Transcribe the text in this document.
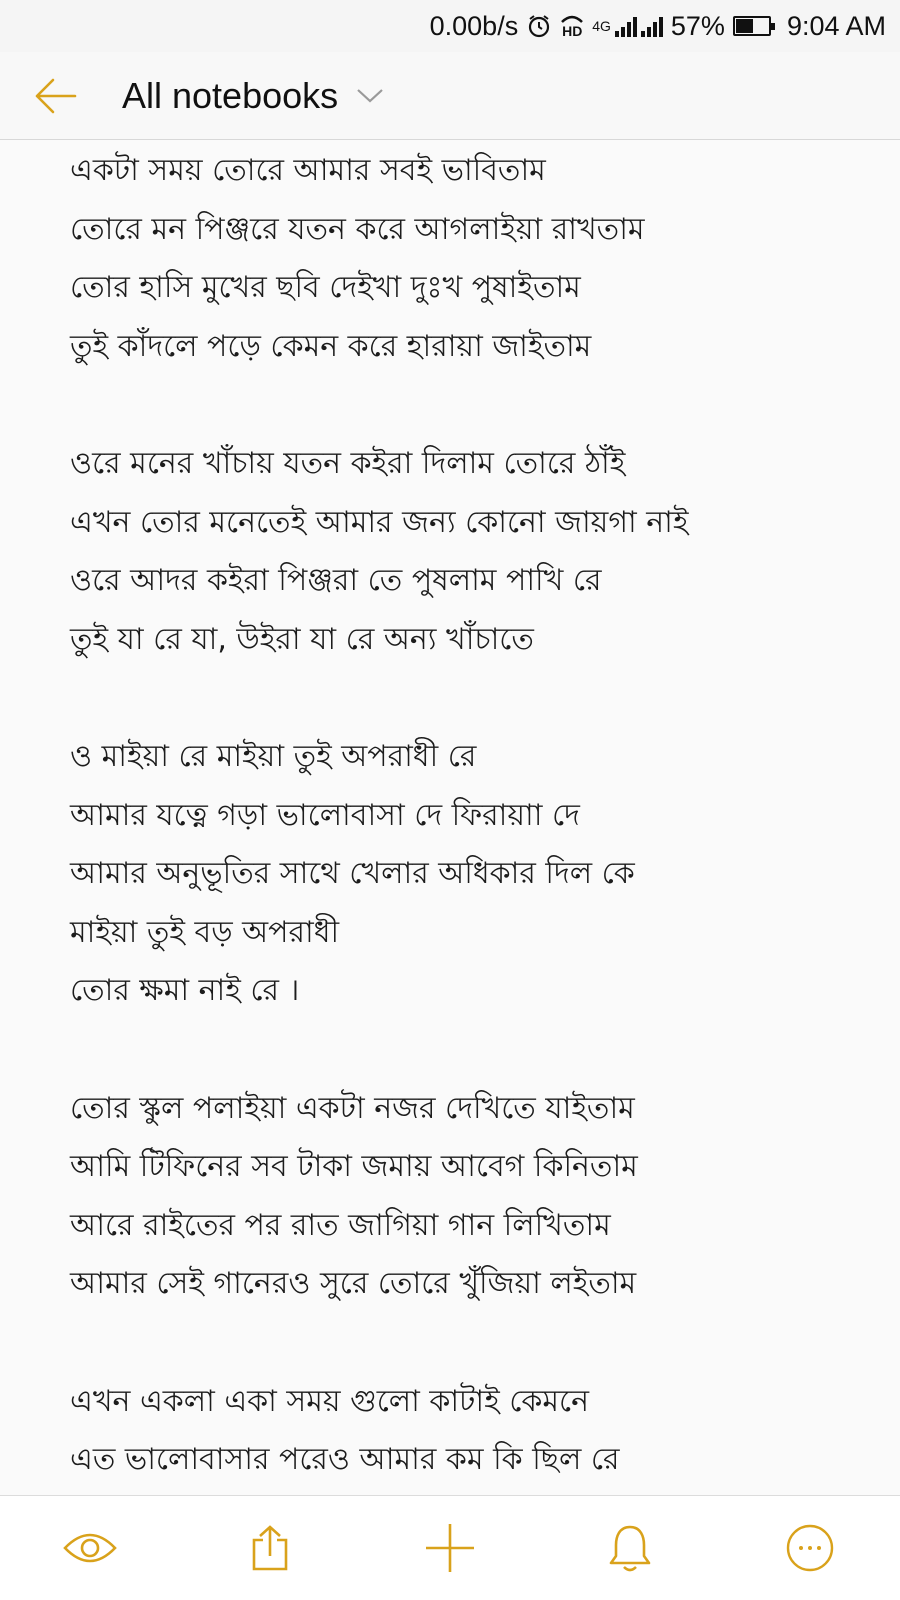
0.00b/s	HD 4G 57% 9:04 AM
All notebooks
একটা সময় তোরে আমার সবই ভাবিতাম
তোরে মন পিঞ্জরে যতন করে আগলাইয়া রাখতাম
তোর হাসি মুখের ছবি দেইখা দুঃখ পুষাইতাম
তুই কাঁদলে পড়ে কেমন করে হারায়া জাইতাম
ওরে মনের খাঁচায় যতন কইরা দিলাম তোরে ঠাঁই
এখন তোর মনেতেই আমার জন্য কোনো জায়গা নাই
ওরে আদর কইরা পিঞ্জরা তে পুষলাম পাখি রে
তুই যা রে যা, উইরা যা রে অন্য খাঁচাতে
ও মাইয়া রে মাইয়া তুই অপরাধী রে
আমার যত্নে গড়া ভালোবাসা দে ফিরায়াা দে
আমার অনুভূতির সাথে খেলার অধিকার দিল কে
মাইয়া তুই বড় অপরাধী
তোর ক্ষমা নাই রে ।
তোর স্কুল পলাইয়া একটা নজর দেখিতে যাইতাম
আমি টিফিনের সব টাকা জমায় আবেগ কিনিতাম
আরে রাইতের পর রাত জাগিয়া গান লিখিতাম
আমার সেই গানেরও সুরে তোরে খুঁজিয়া লইতাম
এখন একলা একা সময় গুলো কাটাই কেমনে
এত ভালোবাসার পরেও আমার কম কি ছিল রে
